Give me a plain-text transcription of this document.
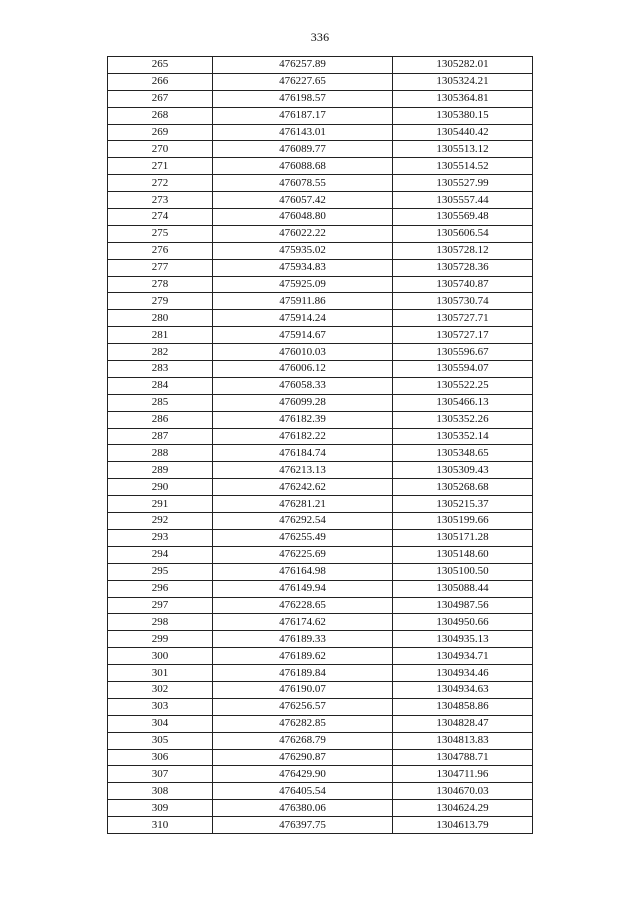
336
265	476257.89	1305282.01
266	476227.65	1305324.21
267	476198.57	1305364.81
268	476187.17	1305380.15
269	476143.01	1305440.42
270	476089.77	1305513.12
271	476088.68	1305514.52
272	476078.55	1305527.99
273	476057.42	1305557.44
274	476048.80	1305569.48
275	476022.22	1305606.54
276	475935.02	1305728.12
277	475934.83	1305728.36
278	475925.09	1305740.87
279	475911.86	1305730.74
280	475914.24	1305727.71
281	475914.67	1305727.17
282	476010.03	1305596.67
283	476006.12	1305594.07
284	476058.33	1305522.25
285	476099.28	1305466.13
286	476182.39	1305352.26
287	476182.22	1305352.14
288	476184.74	1305348.65
289	476213.13	1305309.43
290	476242.62	1305268.68
291	476281.21	1305215.37
292	476292.54	1305199.66
293	476255.49	1305171.28
294	476225.69	1305148.60
295	476164.98	1305100.50
296	476149.94	1305088.44
297	476228.65	1304987.56
298	476174.62	1304950.66
299	476189.33	1304935.13
300	476189.62	1304934.71
301	476189.84	1304934.46
302	476190.07	1304934.63
303	476256.57	1304858.86
304	476282.85	1304828.47
305	476268.79	1304813.83
306	476290.87	1304788.71
307	476429.90	1304711.96
308	476405.54	1304670.03
309	476380.06	1304624.29
310	476397.75	1304613.79
